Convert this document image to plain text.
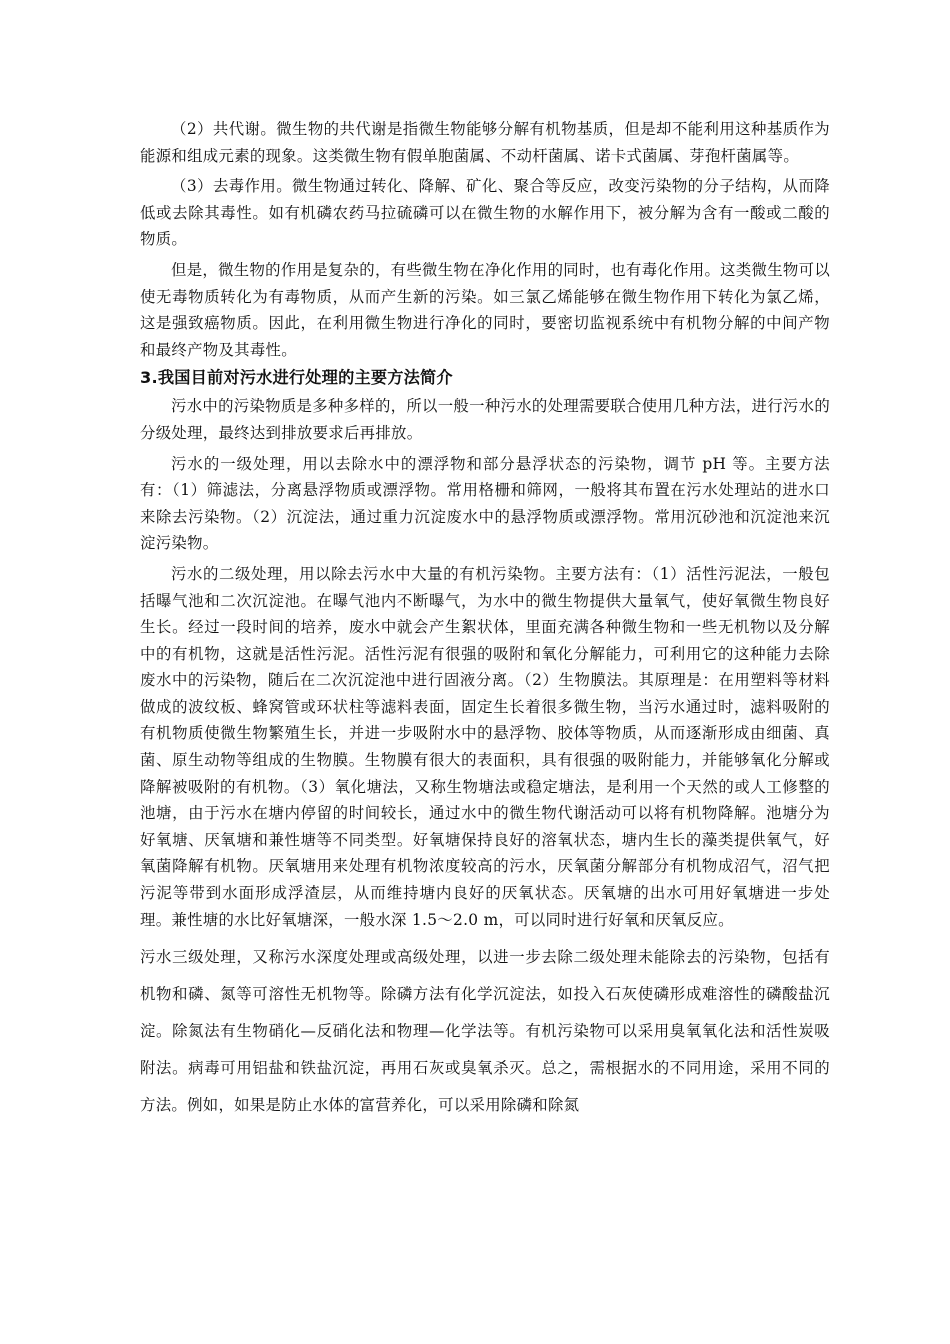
（2）共代谢。微生物的共代谢是指微生物能够分解有机物基质，但是却不能利用这种基质作为能源和组成元素的现象。这类微生物有假单胞菌属、不动杆菌属、诺卡式菌属、芽孢杆菌属等。

（3）去毒作用。微生物通过转化、降解、矿化、聚合等反应，改变污染物的分子结构，从而降低或去除其毒性。如有机磷农药马拉硫磷可以在微生物的水解作用下，被分解为含有一酸或二酸的物质。

但是，微生物的作用是复杂的，有些微生物在净化作用的同时，也有毒化作用。这类微生物可以使无毒物质转化为有毒物质，从而产生新的污染。如三氯乙烯能够在微生物作用下转化为氯乙烯，这是强致癌物质。因此，在利用微生物进行净化的同时，要密切监视系统中有机物分解的中间产物和最终产物及其毒性。

3.我国目前对污水进行处理的主要方法简介

污水中的污染物质是多种多样的，所以一般一种污水的处理需要联合使用几种方法，进行污水的分级处理，最终达到排放要求后再排放。

污水的一级处理，用以去除水中的漂浮物和部分悬浮状态的污染物，调节 pH 等。主要方法有：（1）筛滤法，分离悬浮物质或漂浮物。常用格栅和筛网，一般将其布置在污水处理站的进水口来除去污染物。（2）沉淀法，通过重力沉淀废水中的悬浮物质或漂浮物。常用沉砂池和沉淀池来沉淀污染物。

污水的二级处理，用以除去污水中大量的有机污染物。主要方法有：（1）活性污泥法，一般包括曝气池和二次沉淀池。在曝气池内不断曝气，为水中的微生物提供大量氧气，使好氧微生物良好生长。经过一段时间的培养，废水中就会产生絮状体，里面充满各种微生物和一些无机物以及分解中的有机物，这就是活性污泥。活性污泥有很强的吸附和氧化分解能力，可利用它的这种能力去除废水中的污染物，随后在二次沉淀池中进行固液分离。（2）生物膜法。其原理是：在用塑料等材料做成的波纹板、蜂窝管或环状柱等滤料表面，固定生长着很多微生物，当污水通过时，滤料吸附的有机物质使微生物繁殖生长，并进一步吸附水中的悬浮物、胶体等物质，从而逐渐形成由细菌、真菌、原生动物等组成的生物膜。生物膜有很大的表面积，具有很强的吸附能力，并能够氧化分解或降解被吸附的有机物。（3）氧化塘法，又称生物塘法或稳定塘法，是利用一个天然的或人工修整的池塘，由于污水在塘内停留的时间较长，通过水中的微生物代谢活动可以将有机物降解。池塘分为好氧塘、厌氧塘和兼性塘等不同类型。好氧塘保持良好的溶氧状态，塘内生长的藻类提供氧气，好氧菌降解有机物。厌氧塘用来处理有机物浓度较高的污水，厌氧菌分解部分有机物成沼气，沼气把污泥等带到水面形成浮渣层，从而维持塘内良好的厌氧状态。厌氧塘的出水可用好氧塘进一步处理。兼性塘的水比好氧塘深，一般水深 1.5～2.0 m，可以同时进行好氧和厌氧反应。

污水三级处理，又称污水深度处理或高级处理，以进一步去除二级处理未能除去的污染物，包括有机物和磷、氮等可溶性无机物等。除磷方法有化学沉淀法，如投入石灰使磷形成难溶性的磷酸盐沉淀。除氮法有生物硝化—反硝化法和物理—化学法等。有机污染物可以采用臭氧氧化法和活性炭吸附法。病毒可用铝盐和铁盐沉淀，再用石灰或臭氧杀灭。总之，需根据水的不同用途，采用不同的方法。例如，如果是防止水体的富营养化，可以采用除磷和除氮
